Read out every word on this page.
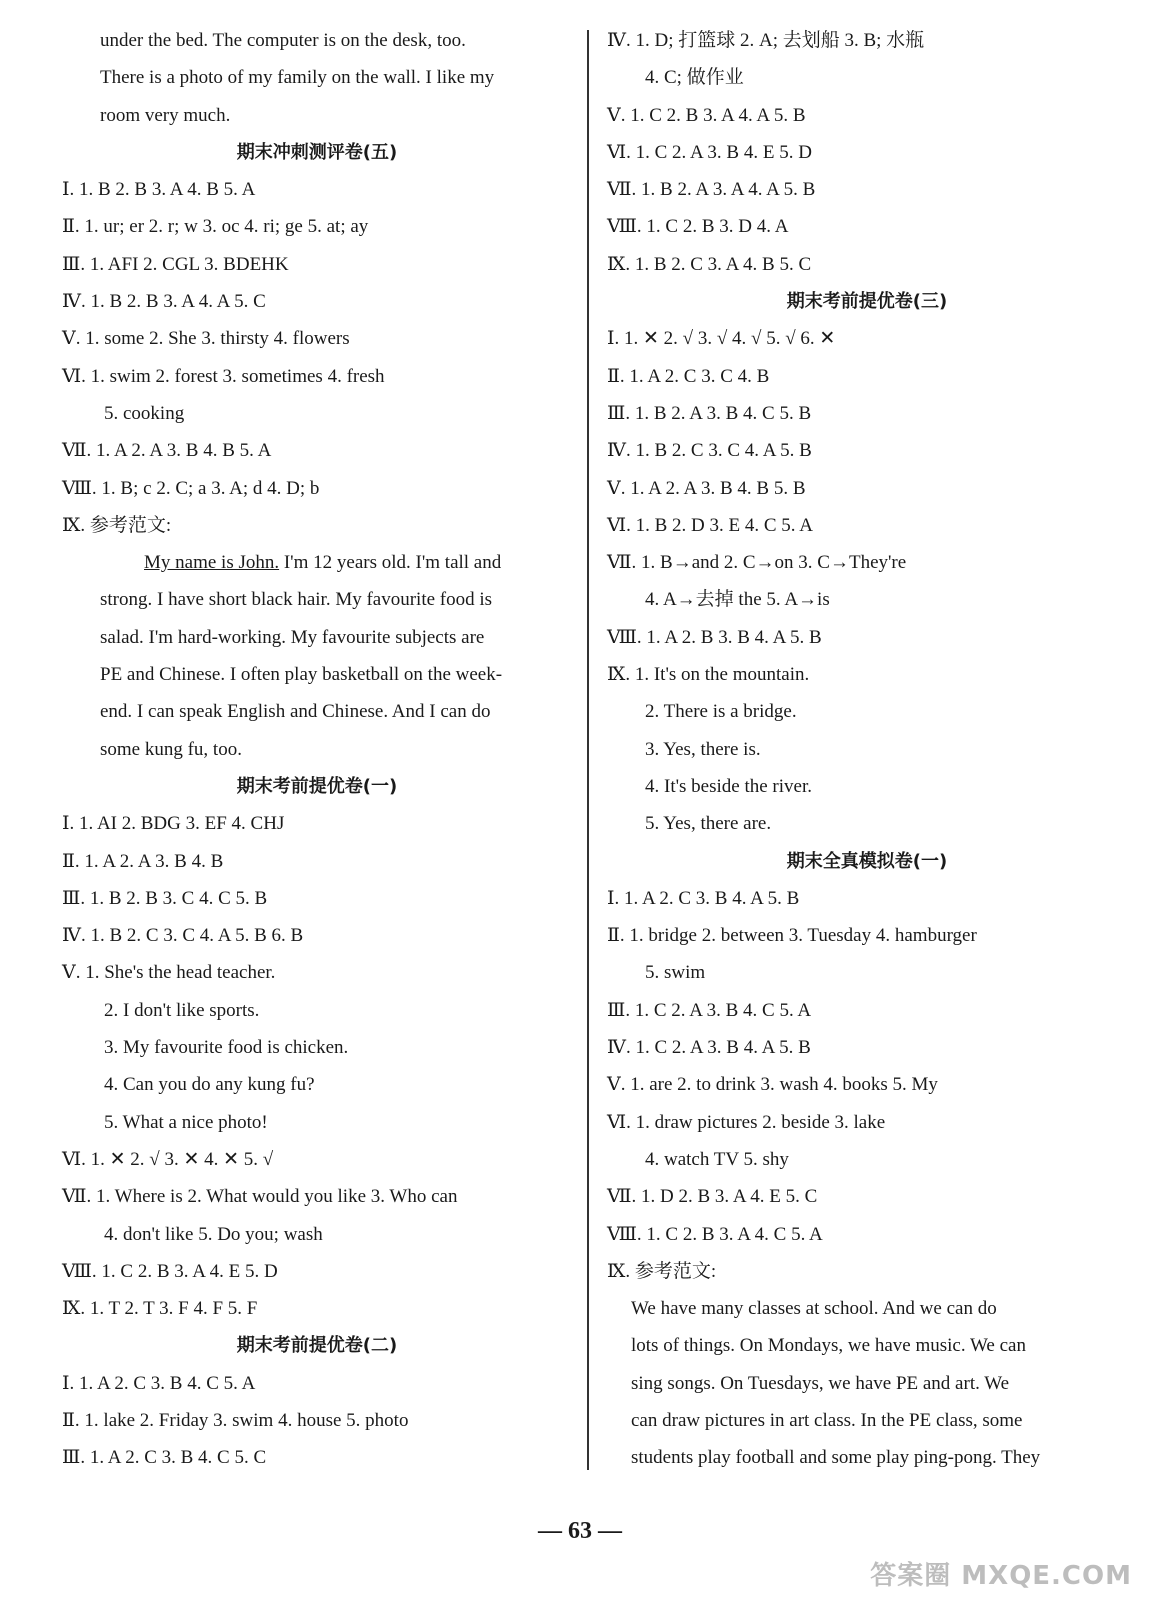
under the bed. The computer is on the desk, too.
There is a photo of my family on the wall. I like my
room very much.
期末冲刺测评卷(五)
Ⅰ. 1. B 2. B 3. A 4. B 5. A
Ⅱ. 1. ur; er 2. r; w 3. oc 4. ri; ge 5. at; ay
Ⅲ. 1. AFI 2. CGL 3. BDEHK
Ⅳ. 1. B 2. B 3. A 4. A 5. C
Ⅴ. 1. some 2. She 3. thirsty 4. flowers
Ⅵ. 1. swim 2. forest 3. sometimes 4. fresh
5. cooking
Ⅶ. 1. A 2. A 3. B 4. B 5. A
Ⅷ. 1. B; c 2. C; a 3. A; d 4. D; b
Ⅸ. 参考范文:
My name is John. I'm 12 years old. I'm tall and
strong. I have short black hair. My favourite food is
salad. I'm hard-working. My favourite subjects are
PE and Chinese. I often play basketball on the week-
end. I can speak English and Chinese. And I can do
some kung fu, too.
期末考前提优卷(一)
Ⅰ. 1. AI 2. BDG 3. EF 4. CHJ
Ⅱ. 1. A 2. A 3. B 4. B
Ⅲ. 1. B 2. B 3. C 4. C 5. B
Ⅳ. 1. B 2. C 3. C 4. A 5. B 6. B
Ⅴ. 1. She's the head teacher.
2. I don't like sports.
3. My favourite food is chicken.
4. Can you do any kung fu?
5. What a nice photo!
Ⅵ. 1. ✕ 2. √ 3. ✕ 4. ✕ 5. √
Ⅶ. 1. Where is 2. What would you like 3. Who can
4. don't like 5. Do you; wash
Ⅷ. 1. C 2. B 3. A 4. E 5. D
Ⅸ. 1. T 2. T 3. F 4. F 5. F
期末考前提优卷(二)
Ⅰ. 1. A 2. C 3. B 4. C 5. A
Ⅱ. 1. lake 2. Friday 3. swim 4. house 5. photo
Ⅲ. 1. A 2. C 3. B 4. C 5. C
Ⅳ. 1. D; 打篮球 2. A; 去划船 3. B; 水瓶
4. C; 做作业
Ⅴ. 1. C 2. B 3. A 4. A 5. B
Ⅵ. 1. C 2. A 3. B 4. E 5. D
Ⅶ. 1. B 2. A 3. A 4. A 5. B
Ⅷ. 1. C 2. B 3. D 4. A
Ⅸ. 1. B 2. C 3. A 4. B 5. C
期末考前提优卷(三)
Ⅰ. 1. ✕ 2. √ 3. √ 4. √ 5. √ 6. ✕
Ⅱ. 1. A 2. C 3. C 4. B
Ⅲ. 1. B 2. A 3. B 4. C 5. B
Ⅳ. 1. B 2. C 3. C 4. A 5. B
Ⅴ. 1. A 2. A 3. B 4. B 5. B
Ⅵ. 1. B 2. D 3. E 4. C 5. A
Ⅶ. 1. B→and 2. C→on 3. C→They're
4. A→去掉 the 5. A→is
Ⅷ. 1. A 2. B 3. B 4. A 5. B
Ⅸ. 1. It's on the mountain.
2. There is a bridge.
3. Yes, there is.
4. It's beside the river.
5. Yes, there are.
期末全真模拟卷(一)
Ⅰ. 1. A 2. C 3. B 4. A 5. B
Ⅱ. 1. bridge 2. between 3. Tuesday 4. hamburger
5. swim
Ⅲ. 1. C 2. A 3. B 4. C 5. A
Ⅳ. 1. C 2. A 3. B 4. A 5. B
Ⅴ. 1. are 2. to drink 3. wash 4. books 5. My
Ⅵ. 1. draw pictures 2. beside 3. lake
4. watch TV 5. shy
Ⅶ. 1. D 2. B 3. A 4. E 5. C
Ⅷ. 1. C 2. B 3. A 4. C 5. A
Ⅸ. 参考范文:
We have many classes at school. And we can do
lots of things. On Mondays, we have music. We can
sing songs. On Tuesdays, we have PE and art. We
can draw pictures in art class. In the PE class, some
students play football and some play ping-pong. They
— 63 —
答案圈 MXQE.COM
